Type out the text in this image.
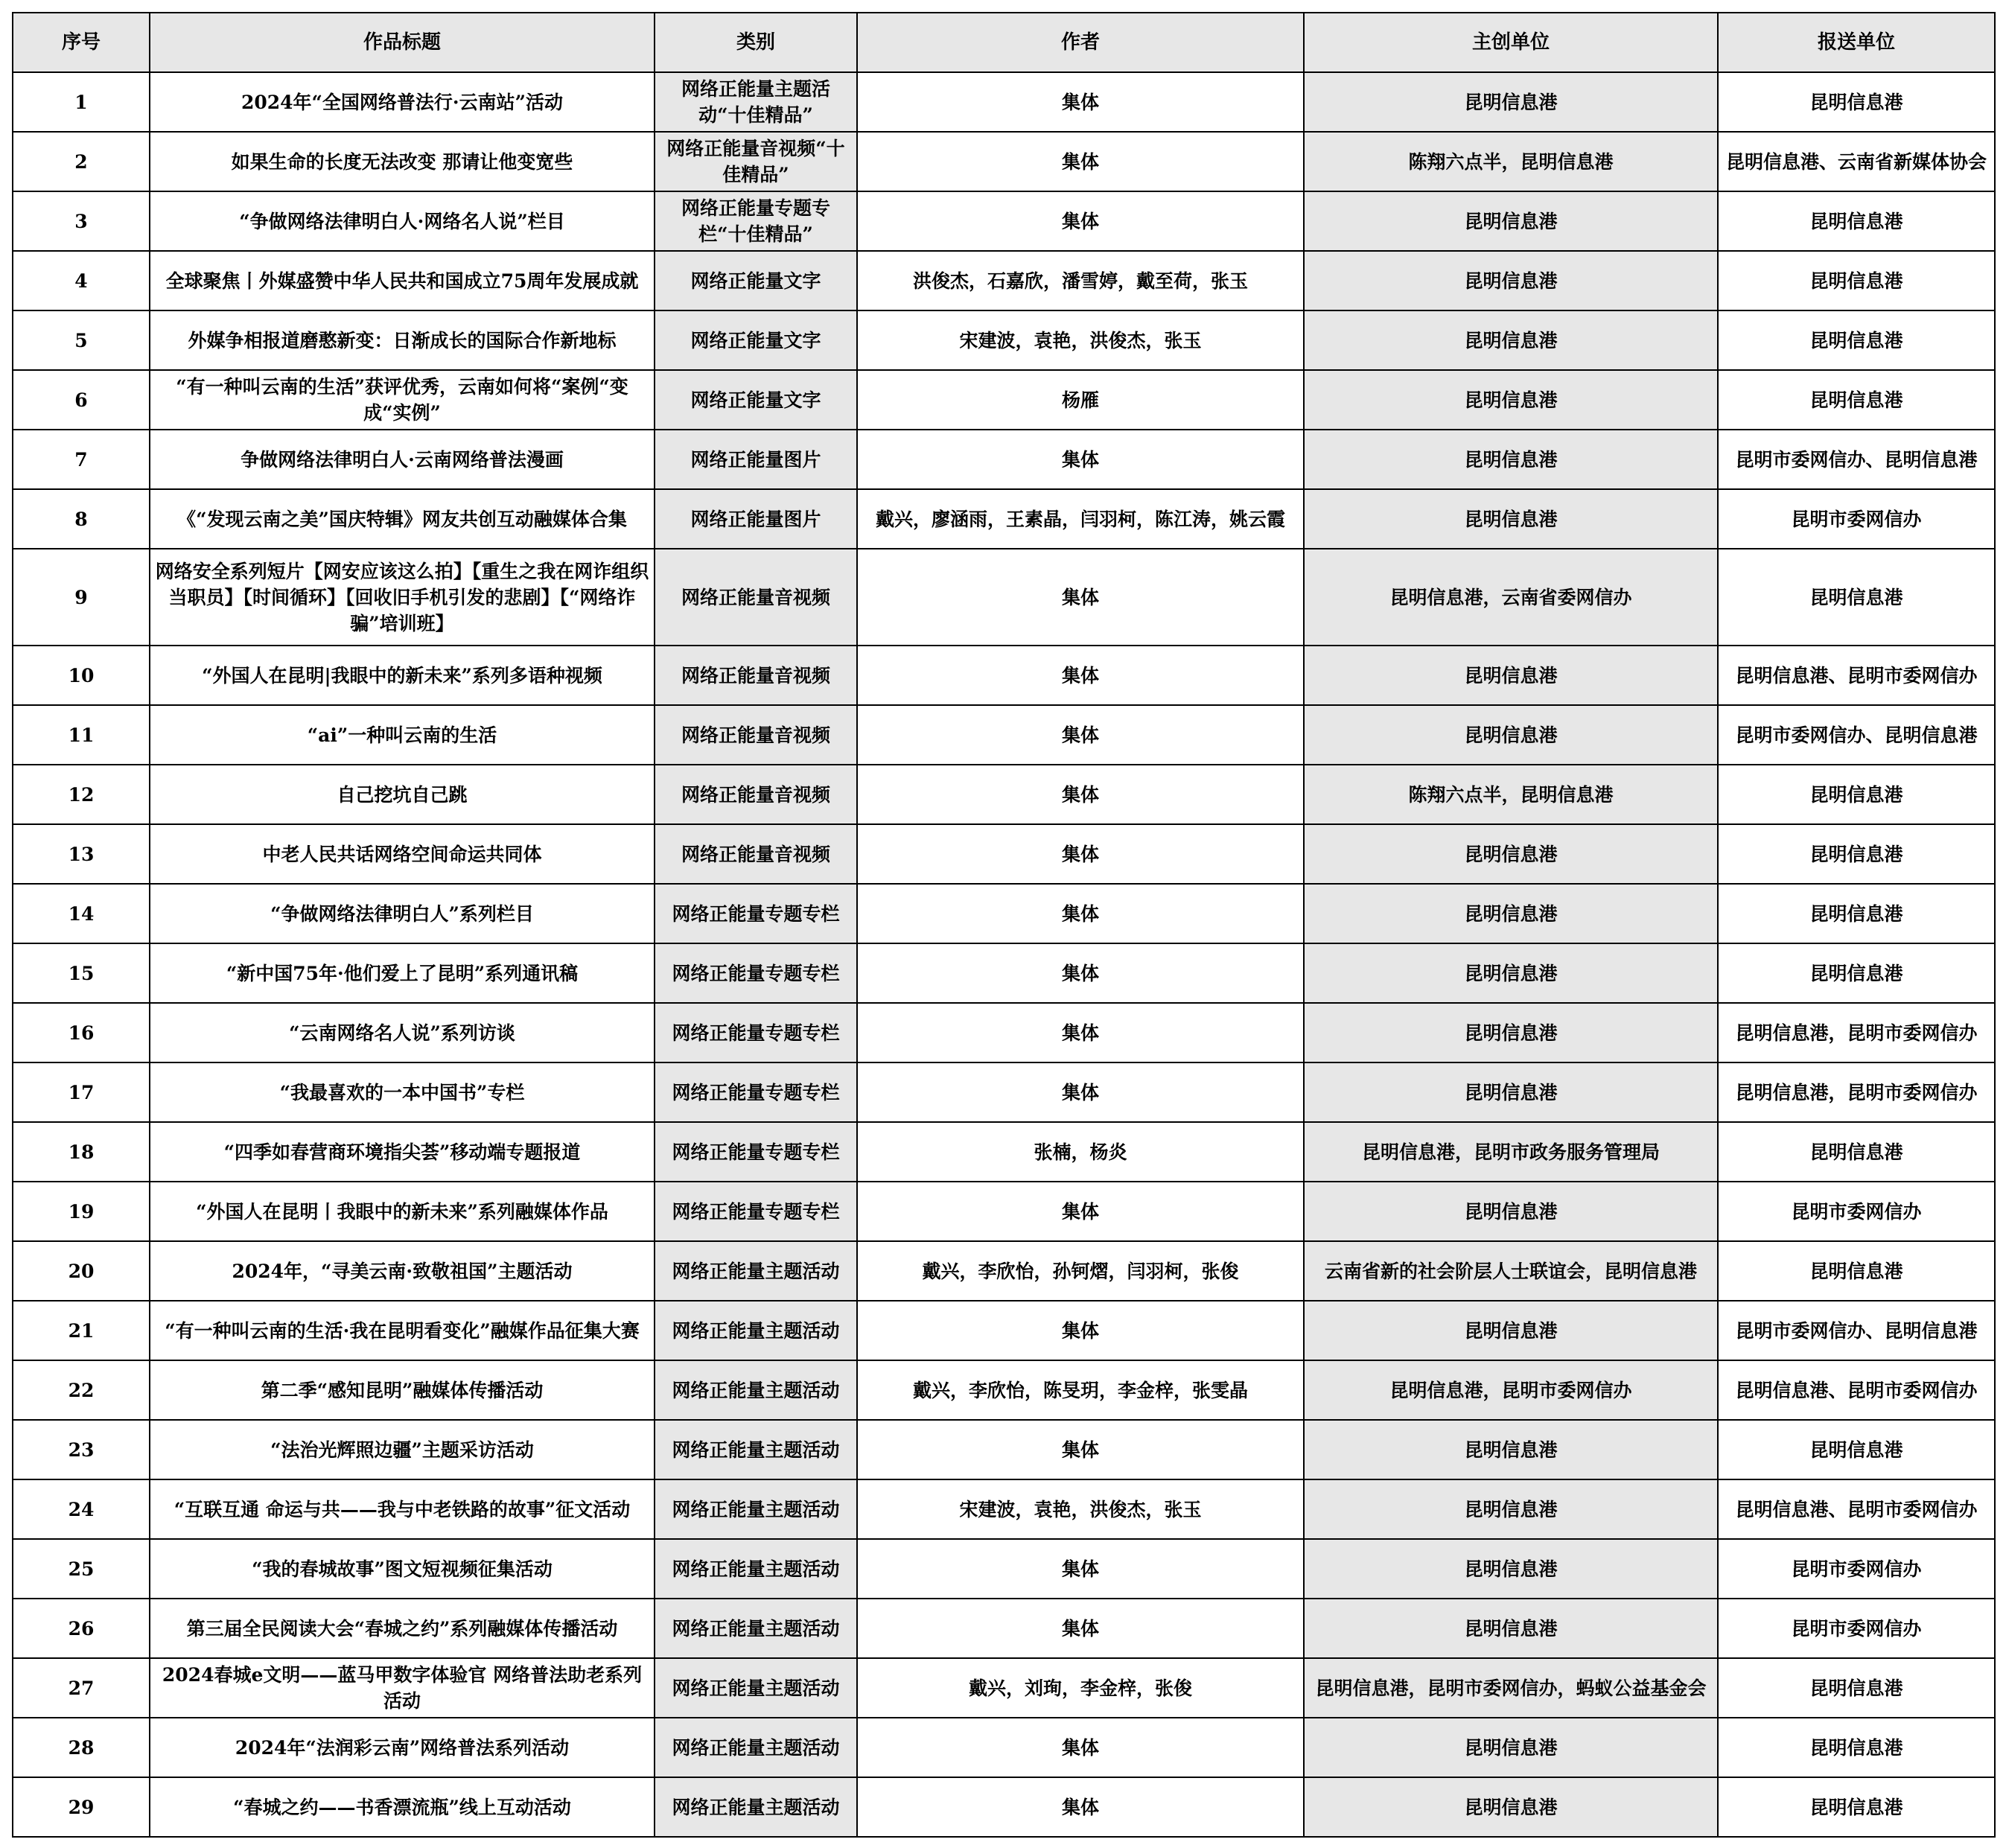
序号	作品标题	类别	作者	主创单位	报送单位
1	2024年“全国网络普法行·云南站”活动	网络正能量主题活动“十佳精品”	集体	昆明信息港	昆明信息港
2	如果生命的长度无法改变 那请让他变宽些	网络正能量音视频“十佳精品”	集体	陈翔六点半，昆明信息港	昆明信息港、云南省新媒体协会
3	“争做网络法律明白人·网络名人说”栏目	网络正能量专题专栏“十佳精品”	集体	昆明信息港	昆明信息港
4	全球聚焦丨外媒盛赞中华人民共和国成立75周年发展成就	网络正能量文字	洪俊杰，石嘉欣，潘雪婷，戴至荷，张玉	昆明信息港	昆明信息港
5	外媒争相报道磨憨新变：日渐成长的国际合作新地标	网络正能量文字	宋建波，袁艳，洪俊杰，张玉	昆明信息港	昆明信息港
6	“有一种叫云南的生活”获评优秀，云南如何将“案例“变成“实例”	网络正能量文字	杨雁	昆明信息港	昆明信息港
7	争做网络法律明白人·云南网络普法漫画	网络正能量图片	集体	昆明信息港	昆明市委网信办、昆明信息港
8	《“发现云南之美”国庆特辑》网友共创互动融媒体合集	网络正能量图片	戴兴，廖涵雨，王素晶，闫羽柯，陈江涛，姚云霞	昆明信息港	昆明市委网信办
9	网络安全系列短片【网安应该这么拍】【重生之我在网诈组织当职员】【时间循环】【回收旧手机引发的悲剧】【“网络诈骗”培训班】	网络正能量音视频	集体	昆明信息港，云南省委网信办	昆明信息港
10	“外国人在昆明|我眼中的新未来”系列多语种视频	网络正能量音视频	集体	昆明信息港	昆明信息港、昆明市委网信办
11	“ai”一种叫云南的生活	网络正能量音视频	集体	昆明信息港	昆明市委网信办、昆明信息港
12	自己挖坑自己跳	网络正能量音视频	集体	陈翔六点半，昆明信息港	昆明信息港
13	中老人民共话网络空间命运共同体	网络正能量音视频	集体	昆明信息港	昆明信息港
14	“争做网络法律明白人”系列栏目	网络正能量专题专栏	集体	昆明信息港	昆明信息港
15	“新中国75年·他们爱上了昆明”系列通讯稿	网络正能量专题专栏	集体	昆明信息港	昆明信息港
16	“云南网络名人说”系列访谈	网络正能量专题专栏	集体	昆明信息港	昆明信息港，昆明市委网信办
17	“我最喜欢的一本中国书”专栏	网络正能量专题专栏	集体	昆明信息港	昆明信息港，昆明市委网信办
18	“四季如春营商环境指尖荟”移动端专题报道	网络正能量专题专栏	张楠，杨炎	昆明信息港，昆明市政务服务管理局	昆明信息港
19	“外国人在昆明丨我眼中的新未来”系列融媒体作品	网络正能量专题专栏	集体	昆明信息港	昆明市委网信办
20	2024年，“寻美云南·致敬祖国”主题活动	网络正能量主题活动	戴兴，李欣怡，孙钶熠，闫羽柯，张俊	云南省新的社会阶层人士联谊会，昆明信息港	昆明信息港
21	“有一种叫云南的生活·我在昆明看变化”融媒作品征集大赛	网络正能量主题活动	集体	昆明信息港	昆明市委网信办、昆明信息港
22	第二季“感知昆明”融媒体传播活动	网络正能量主题活动	戴兴，李欣怡，陈旻玥，李金梓，张雯晶	昆明信息港，昆明市委网信办	昆明信息港、昆明市委网信办
23	“法治光辉照边疆”主题采访活动	网络正能量主题活动	集体	昆明信息港	昆明信息港
24	“互联互通 命运与共——我与中老铁路的故事”征文活动	网络正能量主题活动	宋建波，袁艳，洪俊杰，张玉	昆明信息港	昆明信息港、昆明市委网信办
25	“我的春城故事”图文短视频征集活动	网络正能量主题活动	集体	昆明信息港	昆明市委网信办
26	第三届全民阅读大会“春城之约”系列融媒体传播活动	网络正能量主题活动	集体	昆明信息港	昆明市委网信办
27	2024春城e文明——蓝马甲数字体验官 网络普法助老系列活动	网络正能量主题活动	戴兴，刘珣，李金梓，张俊	昆明信息港，昆明市委网信办，蚂蚁公益基金会	昆明信息港
28	2024年“法润彩云南”网络普法系列活动	网络正能量主题活动	集体	昆明信息港	昆明信息港
29	“春城之约——书香漂流瓶”线上互动活动	网络正能量主题活动	集体	昆明信息港	昆明信息港
